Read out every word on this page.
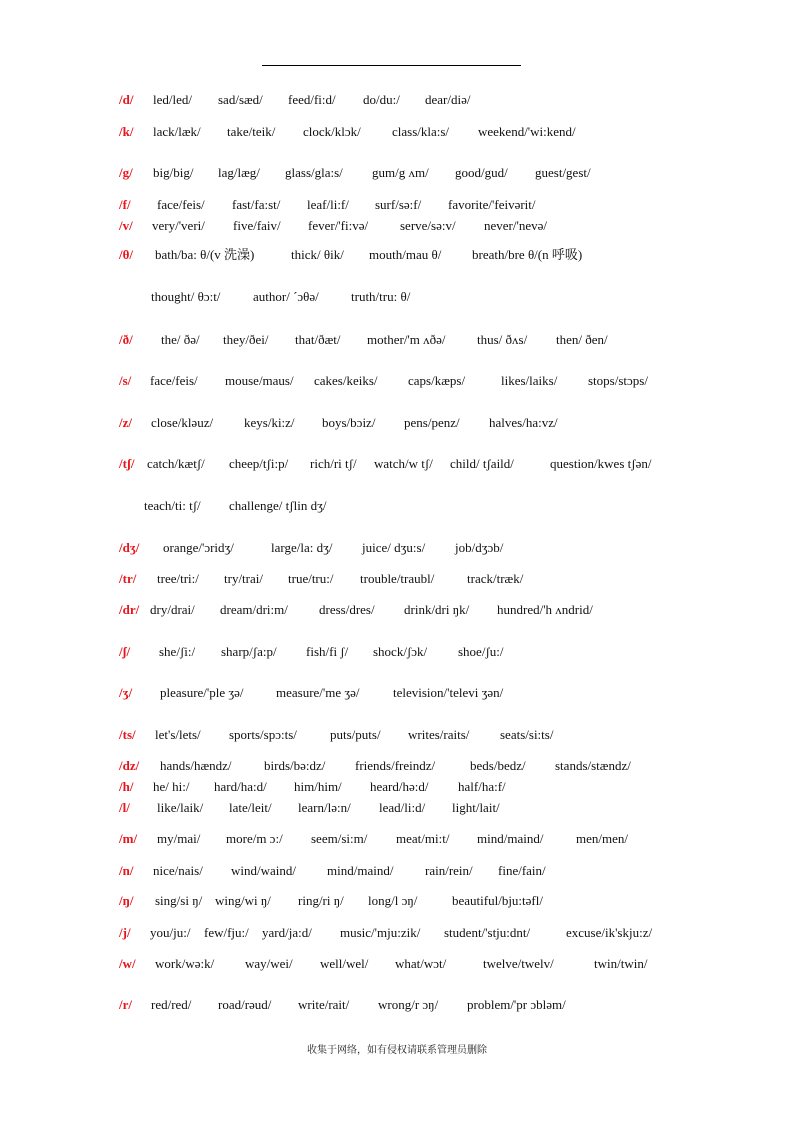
/d/ led/led/ sad/sæd/ feed/fi:d/ do/du:/ dear/diə/
/k/ lack/læk/ take/teik/ clock/klɔk/ class/kla:s/ weekend/'wi:kend/
/g/ big/big/ lag/læg/ glass/gla:s/ gum/g ʌm/ good/gud/ guest/gest/
/f/ face/feis/ fast/fa:st/ leaf/li:f/ surf/sə:f/ favorite/'feivərit/
/v/ very/'veri/ five/faiv/ fever/'fi:və/ serve/sə:v/ never/'nevə/
/θ/ bath/ba: θ/(v 洗澡)	thick/ θik/ mouth/mau θ/ breath/bre θ/(n 呼吸)
thought/ θɔ:t/	author/ ´ɔθə/ truth/tru: θ/
/ð/ the/ ðə/ they/ðei/ that/ðæt/ mother/'m ʌðə/ thus/ ðʌs/ then/ ðen/
/s/ face/feis/ mouse/maus/ cakes/keiks/ caps/kæps/	likes/laiks/ stops/stɔps/
/z/ close/kləuz/ keys/ki:z/ boys/bɔiz/ pens/penz/ halves/ha:vz/
/tʃ/ catch/kætʃ/ cheep/tʃi:p/ rich/ri tʃ/ watch/w tʃ/ child/ tʃaild/	question/kwes tʃən/
teach/ti: tʃ/ challenge/ tʃlin dʒ/
/dʒ/ orange/'ɔridʒ/	large/la: dʒ/ juice/ dʒu:s/ job/dʒɔb/
/tr/ tree/tri:/ try/trai/ true/tru:/ trouble/traubl/	track/træk/
/dr/ dry/drai/ dream/dri:m/ dress/dres/ drink/dri ŋk/ hundred/'h ʌndrid/
/ʃ/ she/ʃi:/ sharp/ʃa:p/ fish/fi ʃ/ shock/ʃɔk/ shoe/ʃu:/
/ʒ/ pleasure/'ple ʒə/ measure/'me ʒə/	television/'televi ʒən/
/ts/ let's/lets/ sports/spɔ:ts/	puts/puts/ writes/raits/ seats/si:ts/
/dz/ hands/hændz/	birds/bə:dz/ friends/freindz/	beds/bedz/ stands/stændz/
/h/ he/ hi:/ hard/ha:d/ him/him/ heard/hə:d/ half/ha:f/
/l/ like/laik/ late/leit/ learn/lə:n/ lead/li:d/ light/lait/
/m/ my/mai/ more/m ɔ:/ seem/si:m/ meat/mi:t/ mind/maind/	men/men/
/n/ nice/nais/ wind/waind/ mind/maind/ rain/rein/ fine/fain/
/ŋ/ sing/si ŋ/ wing/wi ŋ/ ring/ri ŋ/ long/l ɔŋ/	beautiful/bju:təfl/
/j/ you/ju:/ few/fju:/ yard/ja:d/ music/'mju:zik/ student/'stju:dnt/	excuse/ik'skju:z/
/w/ work/wə:k/ way/wei/ well/wel/ what/wɔt/	twelve/twelv/	twin/twin/
/r/ red/red/ road/rəud/ write/rait/ wrong/r ɔŋ/ problem/'pr ɔbləm/
收集于网络，如有侵权请联系管理员删除
